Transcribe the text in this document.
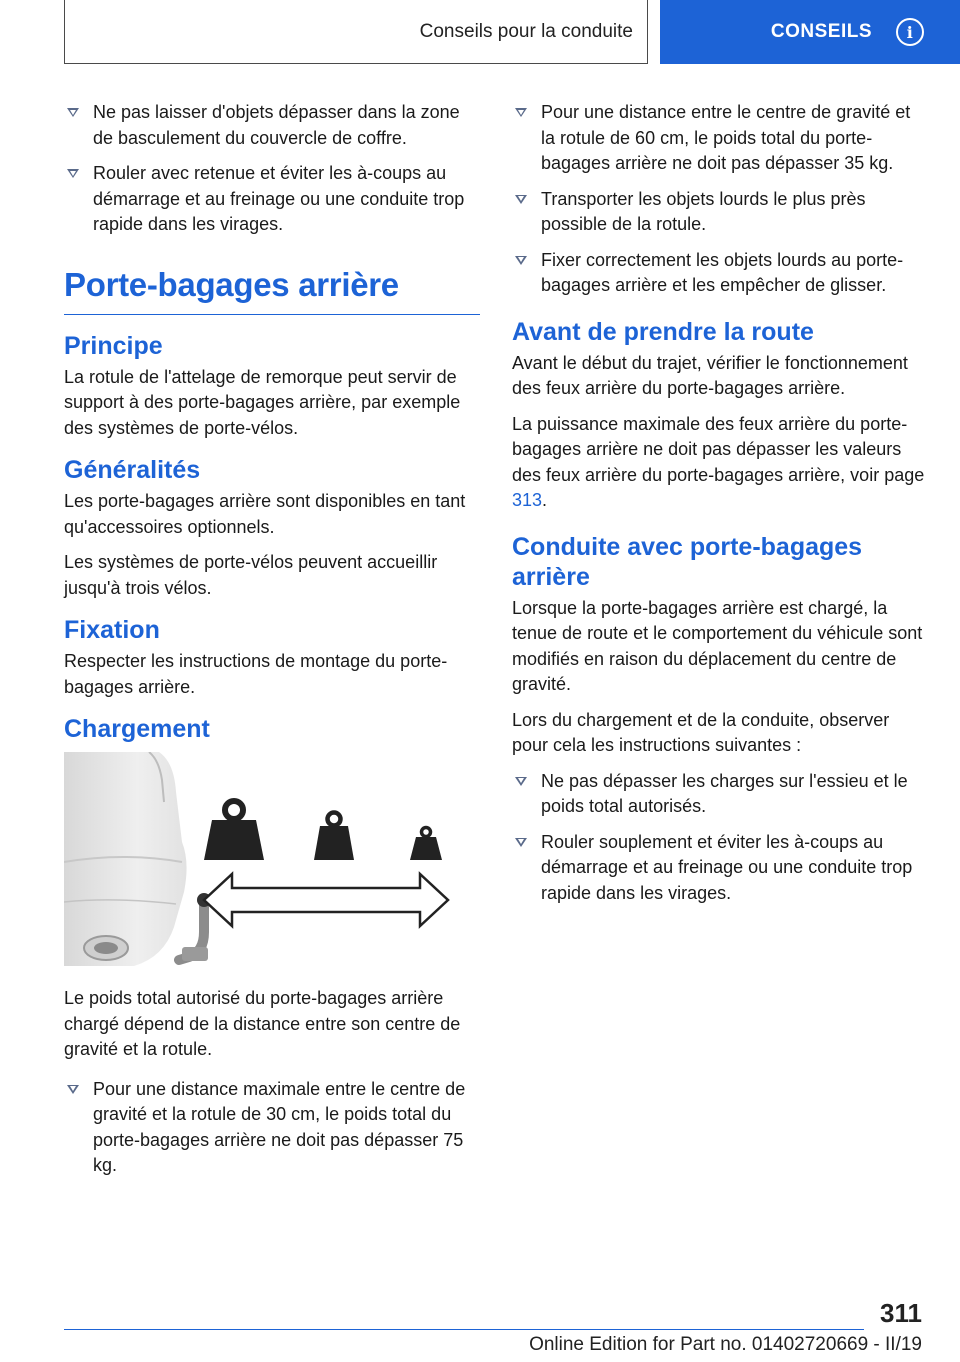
Conseils pour la conduite	CONSEILS	i
Ne pas laisser d'objets dépasser dans la zone de basculement du couvercle de coffre.
Rouler avec retenue et éviter les à-coups au démarrage et au freinage ou une conduite trop rapide dans les virages.
Porte-bagages arrière
Principe

La rotule de l'attelage de remorque peut servir de support à des porte-bagages arrière, par exemple des systèmes de porte-vélos.

Généralités

Les porte-bagages arrière sont disponibles en tant qu'accessoires optionnels.

Les systèmes de porte-vélos peuvent accueillir jusqu'à trois vélos.

Fixation

Respecter les instructions de montage du porte-bagages arrière.

Chargement

Le poids total autorisé du porte-bagages arrière chargé dépend de la distance entre son centre de gravité et la rotule.

Pour une distance maximale entre le centre de gravité et la rotule de 30 cm, le poids total du porte-bagages arrière ne doit pas dépasser 75 kg.
Pour une distance entre le centre de gravité et la rotule de 60 cm, le poids total du porte-bagages arrière ne doit pas dépasser 35 kg.
Transporter les objets lourds le plus près possible de la rotule.
Fixer correctement les objets lourds au porte-bagages arrière et les empêcher de glisser.
Avant de prendre la route

Avant le début du trajet, vérifier le fonctionnement des feux arrière du porte-bagages arrière.

La puissance maximale des feux arrière du porte-bagages arrière ne doit pas dépasser les valeurs des feux arrière du porte-bagages arrière, voir page 313.

Conduite avec porte-bagages arrière

Lorsque la porte-bagages arrière est chargé, la tenue de route et le comportement du véhicule sont modifiés en raison du déplacement du centre de gravité.

Lors du chargement et de la conduite, observer pour cela les instructions suivantes :

Ne pas dépasser les charges sur l'essieu et le poids total autorisés.
Rouler souplement et éviter les à-coups au démarrage et au freinage ou une conduite trop rapide dans les virages.
311
Online Edition for Part no. 01402720669 - II/19
